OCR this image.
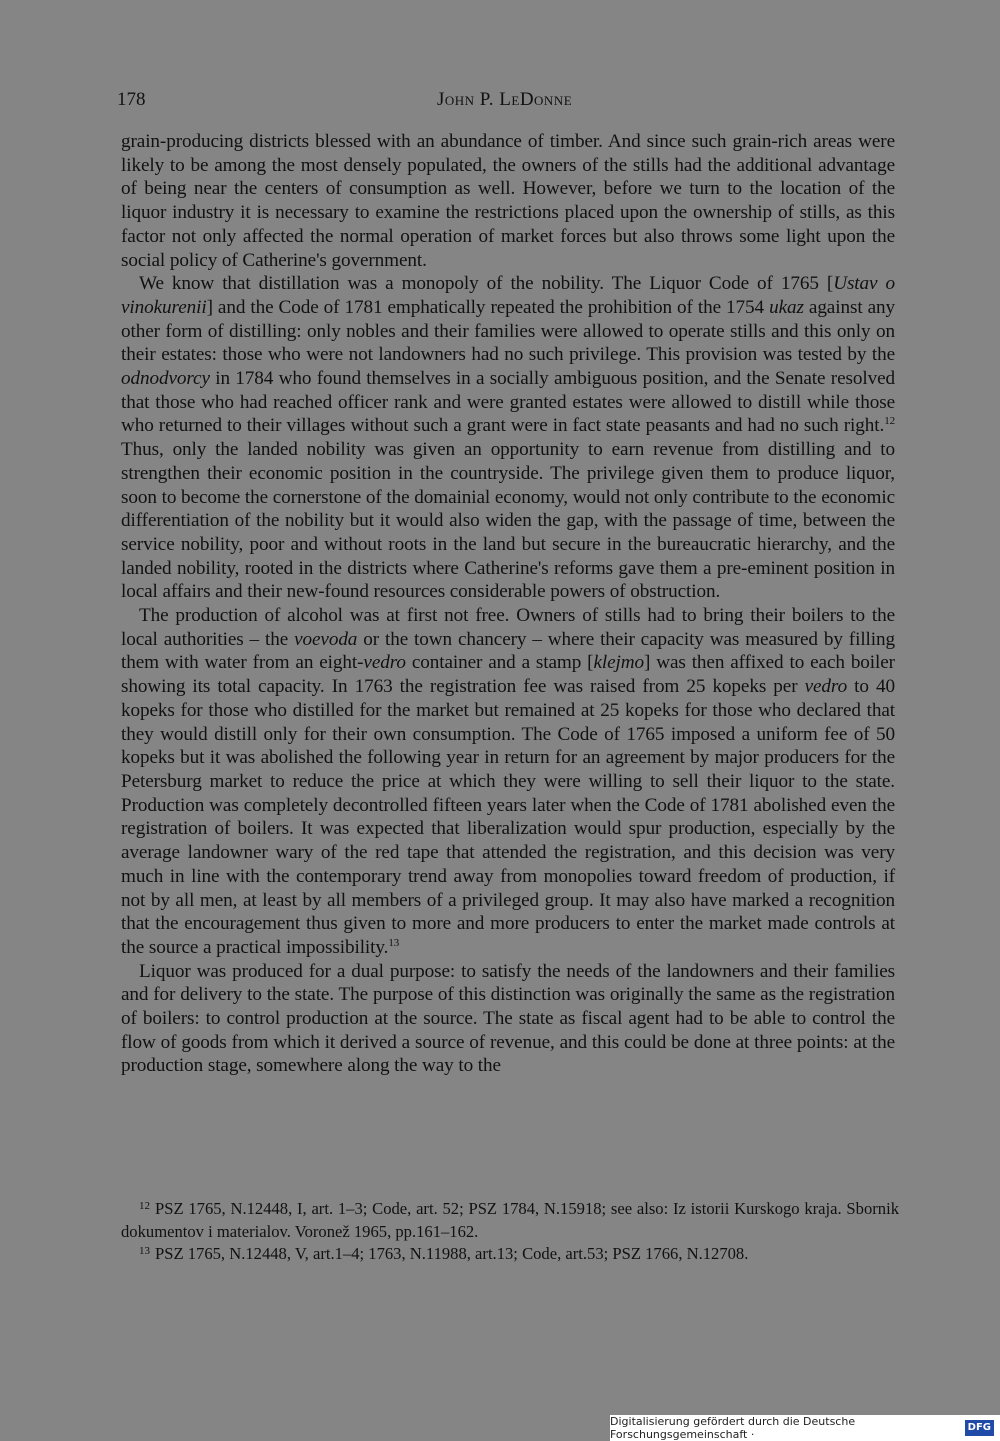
178	John P. LeDonne

grain-producing districts blessed with an abundance of timber. And since such grain-rich areas were likely to be among the most densely populated, the owners of the stills had the additional advantage of being near the centers of consumption as well. However, before we turn to the location of the liquor industry it is necessary to examine the restrictions placed upon the ownership of stills, as this factor not only affected the normal operation of market forces but also throws some light upon the social policy of Catherine's government.

We know that distillation was a monopoly of the nobility. The Liquor Code of 1765 [Ustav o vinokurenii] and the Code of 1781 emphatically repeated the prohibition of the 1754 ukaz against any other form of distilling: only nobles and their families were allowed to operate stills and this only on their estates: those who were not landowners had no such privilege. This provision was tested by the odnodvorcy in 1784 who found themselves in a socially ambiguous position, and the Senate resolved that those who had reached officer rank and were granted estates were allowed to distill while those who returned to their villages without such a grant were in fact state peasants and had no such right.$^{12}$ Thus, only the landed nobility was given an opportunity to earn revenue from distilling and to strengthen their economic position in the countryside. The privilege given them to produce liquor, soon to become the cornerstone of the domainial economy, would not only contribute to the economic differentiation of the nobility but it would also widen the gap, with the passage of time, between the service nobility, poor and without roots in the land but secure in the bureaucratic hierarchy, and the landed nobility, rooted in the districts where Catherine's reforms gave them a pre-eminent position in local affairs and their new-found resources considerable powers of obstruction.

The production of alcohol was at first not free. Owners of stills had to bring their boilers to the local authorities – the voevoda or the town chancery – where their capacity was measured by filling them with water from an eight-vedro container and a stamp [klejmo] was then affixed to each boiler showing its total capacity. In 1763 the registration fee was raised from 25 kopeks per vedro to 40 kopeks for those who distilled for the market but remained at 25 kopeks for those who declared that they would distill only for their own consumption. The Code of 1765 imposed a uniform fee of 50 kopeks but it was abolished the following year in return for an agreement by major producers for the Petersburg market to reduce the price at which they were willing to sell their liquor to the state. Production was completely decontrolled fifteen years later when the Code of 1781 abolished even the registration of boilers. It was expected that liberalization would spur production, especially by the average landowner wary of the red tape that attended the registration, and this decision was very much in line with the contemporary trend away from monopolies toward freedom of production, if not by all men, at least by all members of a privileged group. It may also have marked a recognition that the encouragement thus given to more and more producers to enter the market made controls at the source a practical impossibility.$^{13}$

Liquor was produced for a dual purpose: to satisfy the needs of the landowners and their families and for delivery to the state. The purpose of this distinction was originally the same as the registration of boilers: to control production at the source. The state as fiscal agent had to be able to control the flow of goods from which it derived a source of revenue, and this could be done at three points: at the production stage, somewhere along the way to the

$^{12}$ PSZ 1765, N.12448, I, art. 1–3; Code, art. 52; PSZ 1784, N.15918; see also: Iz istorii Kurskogo kraja. Sbornik dokumentov i materialov. Voronež 1965, pp.161–162.

$^{13}$ PSZ 1765, N.12448, V, art.1–4; 1763, N.11988, art.13; Code, art.53; PSZ 1766, N.12708.

Digitalisierung gefördert durch die Deutsche Forschungsgemeinschaft ·
DFG
